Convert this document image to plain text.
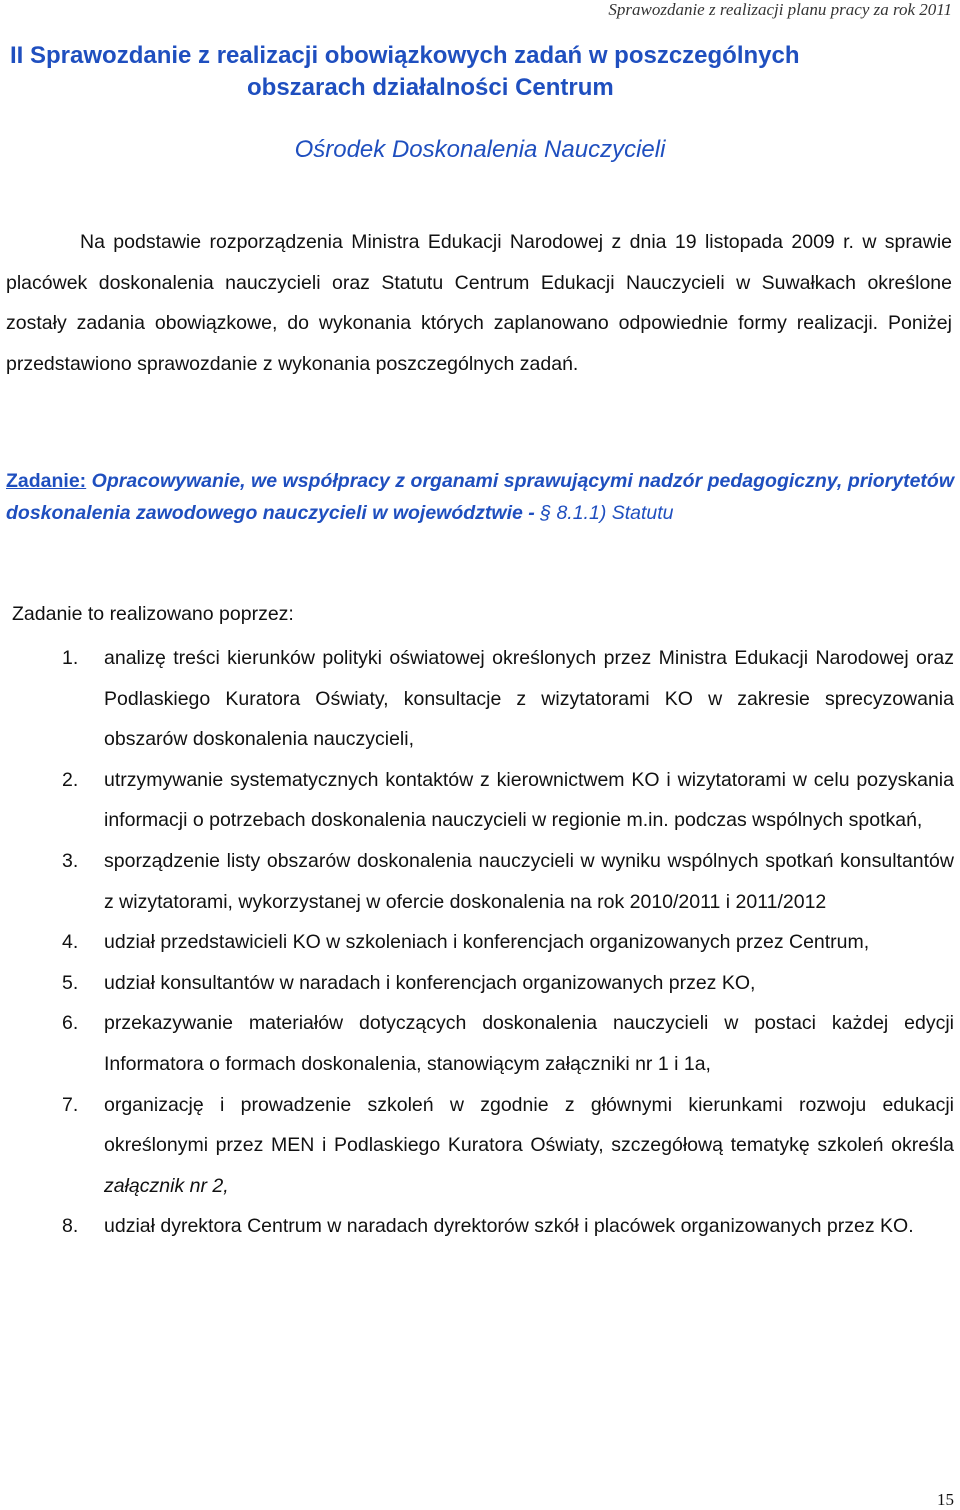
Sprawozdanie z realizacji planu pracy za rok 2011
II Sprawozdanie z realizacji obowiązkowych zadań w poszczególnych
obszarach działalności Centrum
Ośrodek Doskonalenia Nauczycieli

Na podstawie rozporządzenia Ministra Edukacji Narodowej z dnia 19 listopada 2009 r. w sprawie placówek doskonalenia nauczycieli oraz Statutu Centrum Edukacji Nauczycieli w Suwałkach określone zostały zadania obowiązkowe, do wykonania których zaplanowano odpowiednie formy realizacji. Poniżej przedstawiono sprawozdanie z wykonania poszczególnych zadań.

Zadanie: Opracowywanie, we współpracy z organami sprawującymi nadzór pedagogiczny, priorytetów doskonalenia zawodowego nauczycieli w województwie - § 8.1.1) Statutu

Zadanie to realizowano poprzez:
1. analizę treści kierunków polityki oświatowej określonych przez Ministra Edukacji Narodowej oraz Podlaskiego Kuratora Oświaty, konsultacje z wizytatorami KO w zakresie sprecyzowania obszarów doskonalenia nauczycieli,
2. utrzymywanie systematycznych kontaktów z kierownictwem KO i wizytatorami w celu pozyskania informacji o potrzebach doskonalenia nauczycieli w regionie m.in. podczas wspólnych spotkań,
3. sporządzenie listy obszarów doskonalenia nauczycieli w wyniku wspólnych spotkań konsultantów z wizytatorami, wykorzystanej w ofercie doskonalenia na rok 2010/2011 i 2011/2012
4. udział przedstawicieli KO w szkoleniach i konferencjach organizowanych przez Centrum,
5. udział konsultantów w naradach i konferencjach organizowanych przez KO,
6. przekazywanie materiałów dotyczących doskonalenia nauczycieli w postaci każdej edycji Informatora o formach doskonalenia, stanowiącym załączniki nr 1 i 1a,
7. organizację i prowadzenie szkoleń w zgodnie z głównymi kierunkami rozwoju edukacji określonymi przez MEN i Podlaskiego Kuratora Oświaty, szczegółową tematykę szkoleń określa załącznik nr 2,
8. udział dyrektora Centrum w naradach dyrektorów szkół i placówek organizowanych przez KO.
15
